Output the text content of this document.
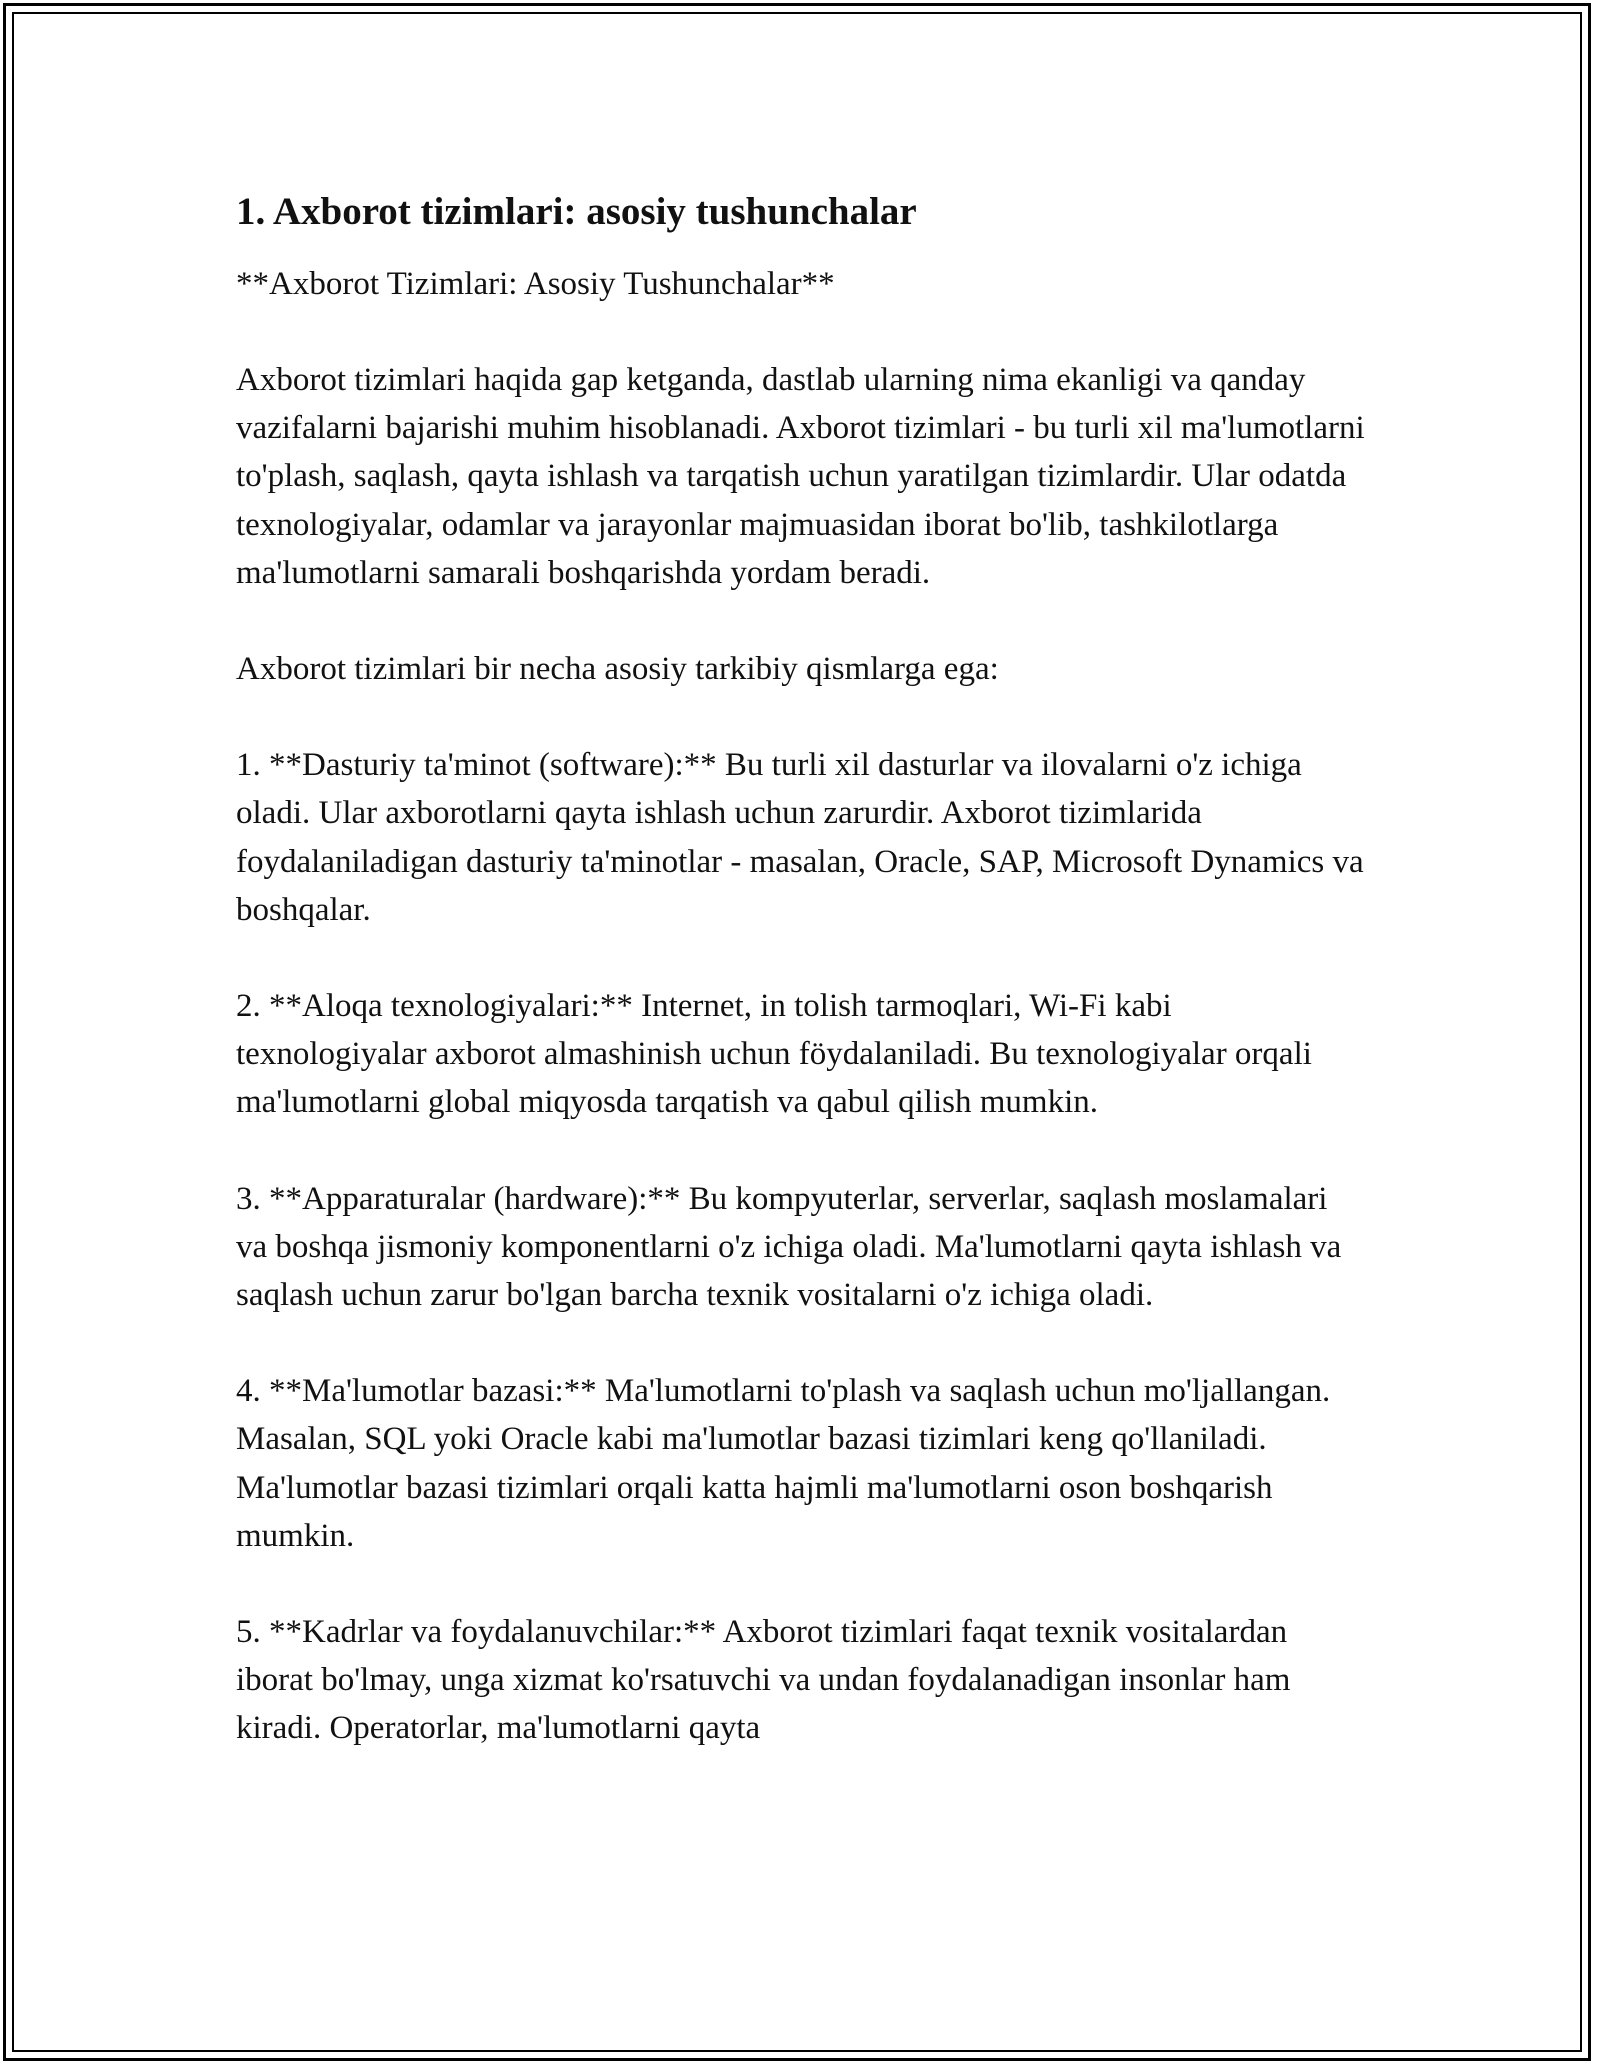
1. Axborot tizimlari: asosiy tushunchalar

**Axborot Tizimlari: Asosiy Tushunchalar**

Axborot tizimlari haqida gap ketganda, dastlab ularning nima ekanligi va qanday vazifalarni bajarishi muhim hisoblanadi. Axborot tizimlari - bu turli xil ma'lumotlarni to'plash, saqlash, qayta ishlash va tarqatish uchun yaratilgan tizimlardir. Ular odatda texnologiyalar, odamlar va jarayonlar majmuasidan iborat bo'lib, tashkilotlarga ma'lumotlarni samarali boshqarishda yordam beradi.

Axborot tizimlari bir necha asosiy tarkibiy qismlarga ega:

1. **Dasturiy ta'minot (software):** Bu turli xil dasturlar va ilovalarni o'z ichiga oladi. Ular axborotlarni qayta ishlash uchun zarurdir. Axborot tizimlarida foydalaniladigan dasturiy ta'minotlar - masalan, Oracle, SAP, Microsoft Dynamics va boshqalar.

2. **Aloqa texnologiyalari:** Internet, in tolish tarmoqlari, Wi-Fi kabi texnologiyalar axborot almashinish uchun föydalaniladi. Bu texnologiyalar orqali ma'lumotlarni global miqyosda tarqatish va qabul qilish mumkin.

3. **Apparaturalar (hardware):** Bu kompyuterlar, serverlar, saqlash moslamalari va boshqa jismoniy komponentlarni o'z ichiga oladi. Ma'lumotlarni qayta ishlash va saqlash uchun zarur bo'lgan barcha texnik vositalarni o'z ichiga oladi.

4. **Ma'lumotlar bazasi:** Ma'lumotlarni to'plash va saqlash uchun mo'ljallangan. Masalan, SQL yoki Oracle kabi ma'lumotlar bazasi tizimlari keng qo'llaniladi. Ma'lumotlar bazasi tizimlari orqali katta hajmli ma'lumotlarni oson boshqarish mumkin.

5. **Kadrlar va foydalanuvchilar:** Axborot tizimlari faqat texnik vositalardan iborat bo'lmay, unga xizmat ko'rsatuvchi va undan foydalanadigan insonlar ham kiradi. Operatorlar, ma'lumotlarni qayta
